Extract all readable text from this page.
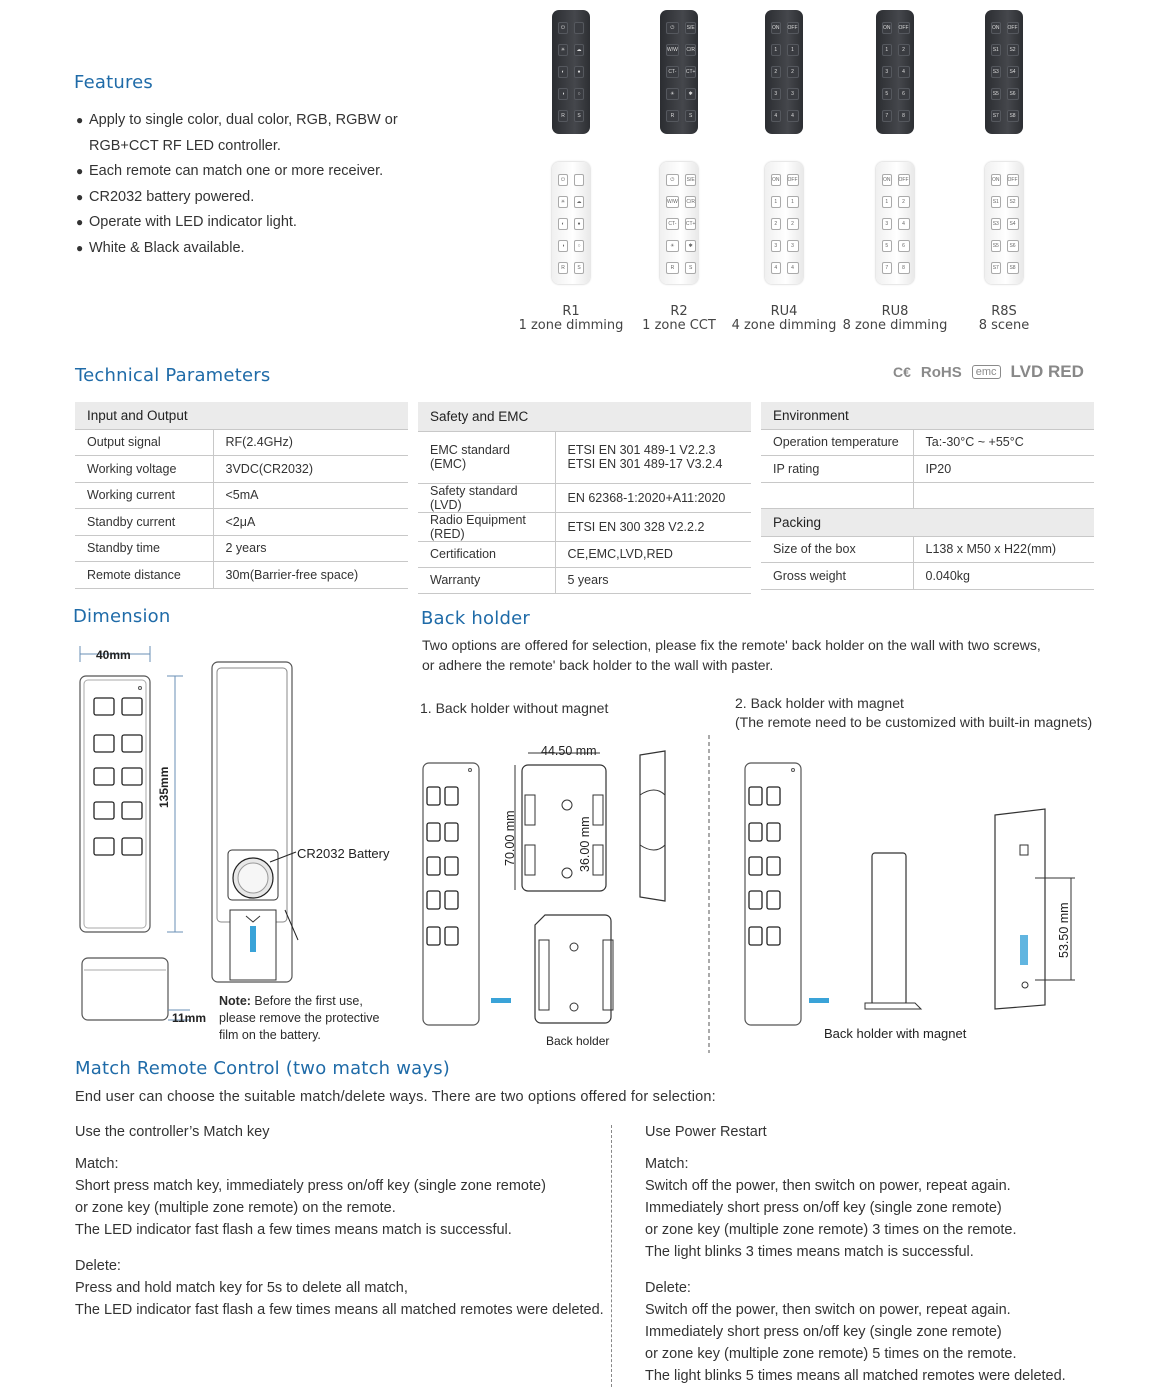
Features
● Apply to single color, dual color, RGB, RGBW or RGB+CCT RF LED controller.
● Each remote can match one or more receiver.
● CR2032 battery powered.
● Operate with LED indicator light.
● White & Black available.
⏻
☀	☁
◐	●
◑	○
R	S
⏻
☀	☁
◐	●
◑	○
R	S
R1
1 zone dimming
⏻	S/E
W/W C/R
CT-	CT+
☀	✱
R	S
⏻	S/E
W/W C/R
CT-	CT+
☀	✱
R	S
R2
1 zone CCT
ON OFF
1	1
2	2
3	3
4	4
ON OFF
1	1
2	2
3	3
4	4
RU4
4 zone dimming
ON OFF
1	2
3	4
5	6
7	8
ON OFF
1	2
3	4
5	6
7	8
RU8
8 zone dimming
ON OFF
S1	S2
S3	S4
S5	S6
S7	S8
ON OFF
S1	S2
S3	S4
S5	S6
S7	S8
R8S
8 scene
Technical Parameters	C€ RoHS	emc LVD RED
Input and Output	
Output signal	RF(2.4GHz)
Working voltage	3VDC(CR2032)
Working current	<5mA
Standby current	<2μA
Standby time	2 years
Remote distance	30m(Barrier-free space)
Safety and EMC	
EMC standard (EMC)	ETSI EN 301 489-1 V2.2.3
ETSI EN 301 489-17 V3.2.4
Safety standard (LVD)	EN 62368-1:2020+A11:2020
Radio Equipment (RED)	ETSI EN 300 328 V2.2.2
Certification	CE,EMC,LVD,RED
Warranty	5 years
Environment	
Operation temperature	Ta:-30°C ~ +55°C
IP rating	IP20

Packing	
Size of the box	L138 x M50 x H22(mm)
Gross weight	0.040kg
Dimension
40mm
135mm
11mm
CR2032 Battery
Note: Before the first use, please remove the protective film on the battery.
Back holder
Two options are offered for selection, please fix the remote' back holder on the wall with two screws,
or adhere the remote' back holder to the wall with paster.
1. Back holder without magnet	2. Back holder with magnet
(The remote need to be customized with built-in magnets)
44.50 mm
70.00 mm	36.00 mm
53.50 mm
Back holder	Back holder with magnet
Match Remote Control (two match ways)
End user can choose the suitable match/delete ways. There are two options offered for selection:

Use the controller’s Match key

Match:

Short press match key, immediately press on/off key (single zone remote)

or zone key (multiple zone remote) on the remote.

The LED indicator fast flash a few times means match is successful.

Delete:

Press and hold match key for 5s to delete all match,

The LED indicator fast flash a few times means all matched remotes were deleted.

Use Power Restart

Match:

Switch off the power, then switch on power, repeat again.

Immediately short press on/off key (single zone remote)

or zone key (multiple zone remote) 3 times on the remote.

The light blinks 3 times means match is successful.

Delete:

Switch off the power, then switch on power, repeat again.

Immediately short press on/off key (single zone remote)

or zone key (multiple zone remote) 5 times on the remote.

The light blinks 5 times means all matched remotes were deleted.
